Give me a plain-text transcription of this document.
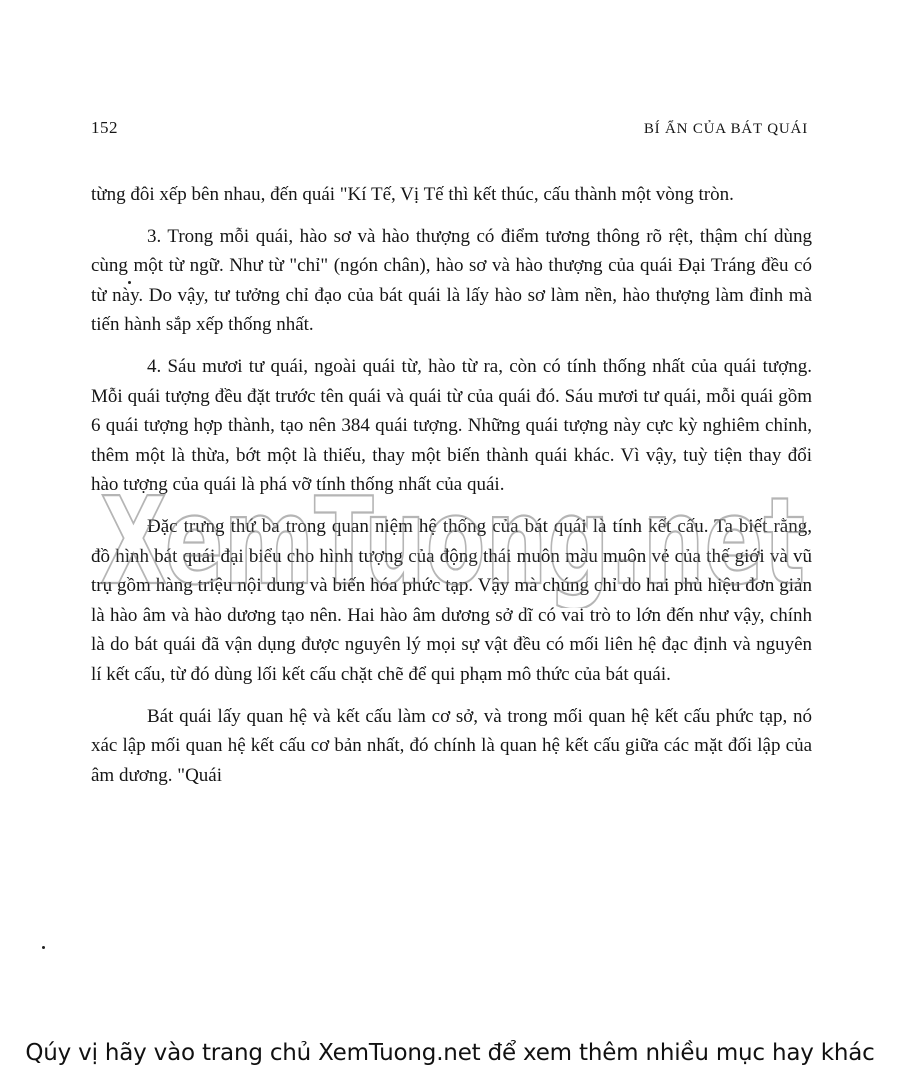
152	BÍ ẨN CỦA BÁT QUÁI

từng đôi xếp bên nhau, đến quái "Kí Tế, Vị Tế thì kết thúc, cấu thành một vòng tròn.

3. Trong mỗi quái, hào sơ và hào thượng có điểm tương thông rõ rệt, thậm chí dùng cùng một từ ngữ. Như từ "chỉ" (ngón chân), hào sơ và hào thượng của quái Đại Tráng đều có từ này. Do vậy, tư tưởng chỉ đạo của bát quái là lấy hào sơ làm nền, hào thượng làm đỉnh mà tiến hành sắp xếp thống nhất.

4. Sáu mươi tư quái, ngoài quái từ, hào từ ra, còn có tính thống nhất của quái tượng. Mỗi quái tượng đều đặt trước tên quái và quái từ của quái đó. Sáu mươi tư quái, mỗi quái gồm 6 quái tượng hợp thành, tạo nên 384 quái tượng. Những quái tượng này cực kỳ nghiêm chỉnh, thêm một là thừa, bớt một là thiếu, thay một biến thành quái khác. Vì vậy, tuỳ tiện thay đổi hào tượng của quái là phá vỡ tính thống nhất của quái.

Đặc trưng thứ ba trong quan niệm hệ thống của bát quái là tính kết cấu. Ta biết rằng, đồ hình bát quái đại biểu cho hình tượng của động thái muôn màu muôn vẻ của thế giới và vũ trụ gồm hàng triệu nội dung và biến hóa phức tạp. Vậy mà chúng chỉ do hai phù hiệu đơn giản là hào âm và hào dương tạo nên. Hai hào âm dương sở dĩ có vai trò to lớn đến như vậy, chính là do bát quái đã vận dụng được nguyên lý mọi sự vật đều có mối liên hệ đạc định và nguyên lí kết cấu, từ đó dùng lối kết cấu chặt chẽ để qui phạm mô thức của bát quái.

Bát quái lấy quan hệ và kết cấu làm cơ sở, và trong mối quan hệ kết cấu phức tạp, nó xác lập mối quan hệ kết cấu cơ bản nhất, đó chính là quan hệ kết cấu giữa các mặt đối lập của âm dương. "Quái

XemTuong.net
Qúy vị hãy vào trang chủ XemTuong.net để xem thêm nhiều mục hay khác
